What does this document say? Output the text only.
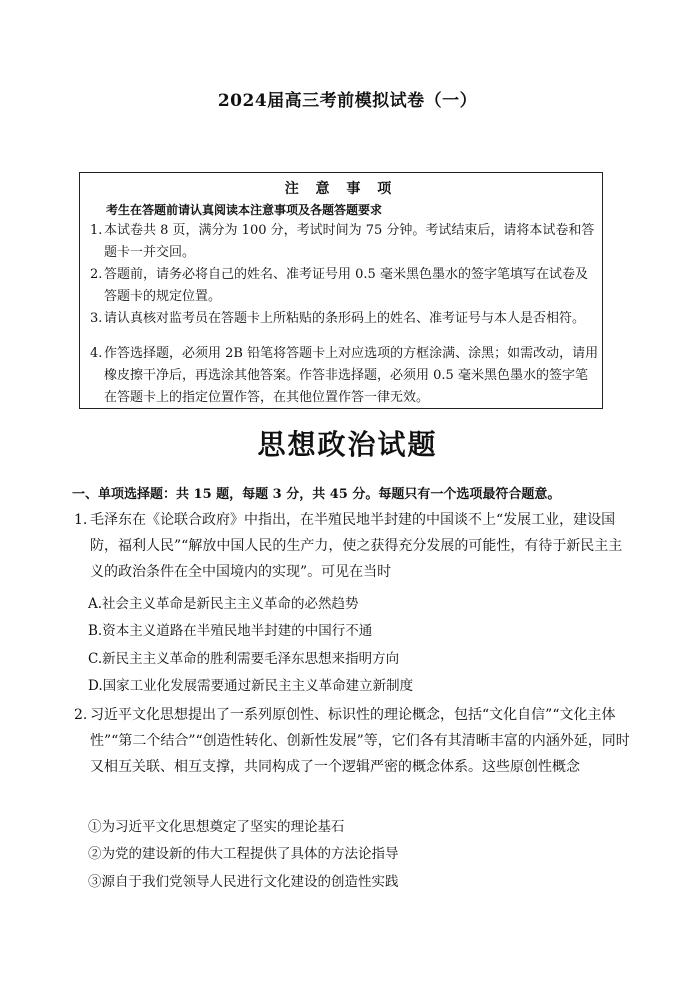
2024届高三考前模拟试卷（一）
注 意 事 项
考生在答题前请认真阅读本注意事项及各题答题要求
1. 本试卷共 8 页，满分为 100 分，考试时间为 75 分钟。考试结束后，请将本试卷和答题卡一并交回。
2. 答题前，请务必将自己的姓名、准考证号用 0.5 毫米黑色墨水的签字笔填写在试卷及答题卡的规定位置。
3. 请认真核对监考员在答题卡上所粘贴的条形码上的姓名、准考证号与本人是否相符。
4. 作答选择题，必须用 2B 铅笔将答题卡上对应选项的方框涂满、涂黑；如需改动，请用橡皮擦干净后，再选涂其他答案。作答非选择题，必须用 0.5 毫米黑色墨水的签字笔在答题卡上的指定位置作答，在其他位置作答一律无效。
思想政治试题
一、单项选择题：共 15 题，每题 3 分，共 45 分。每题只有一个选项最符合题意。
1. 毛泽东在《论联合政府》中指出，在半殖民地半封建的中国谈不上“发展工业，建设国防，福利人民”“解放中国人民的生产力，使之获得充分发展的可能性，有待于新民主主义的政治条件在全中国境内的实现”。可见在当时
A.社会主义革命是新民主主义革命的必然趋势
B.资本主义道路在半殖民地半封建的中国行不通
C.新民主主义革命的胜利需要毛泽东思想来指明方向
D.国家工业化发展需要通过新民主主义革命建立新制度
2. 习近平文化思想提出了一系列原创性、标识性的理论概念，包括“文化自信”“文化主体性”“第二个结合”“创造性转化、创新性发展”等，它们各有其清晰丰富的内涵外延，同时又相互关联、相互支撑，共同构成了一个逻辑严密的概念体系。这些原创性概念
①为习近平文化思想奠定了坚实的理论基石
②为党的建设新的伟大工程提供了具体的方法论指导
③源自于我们党领导人民进行文化建设的创造性实践
